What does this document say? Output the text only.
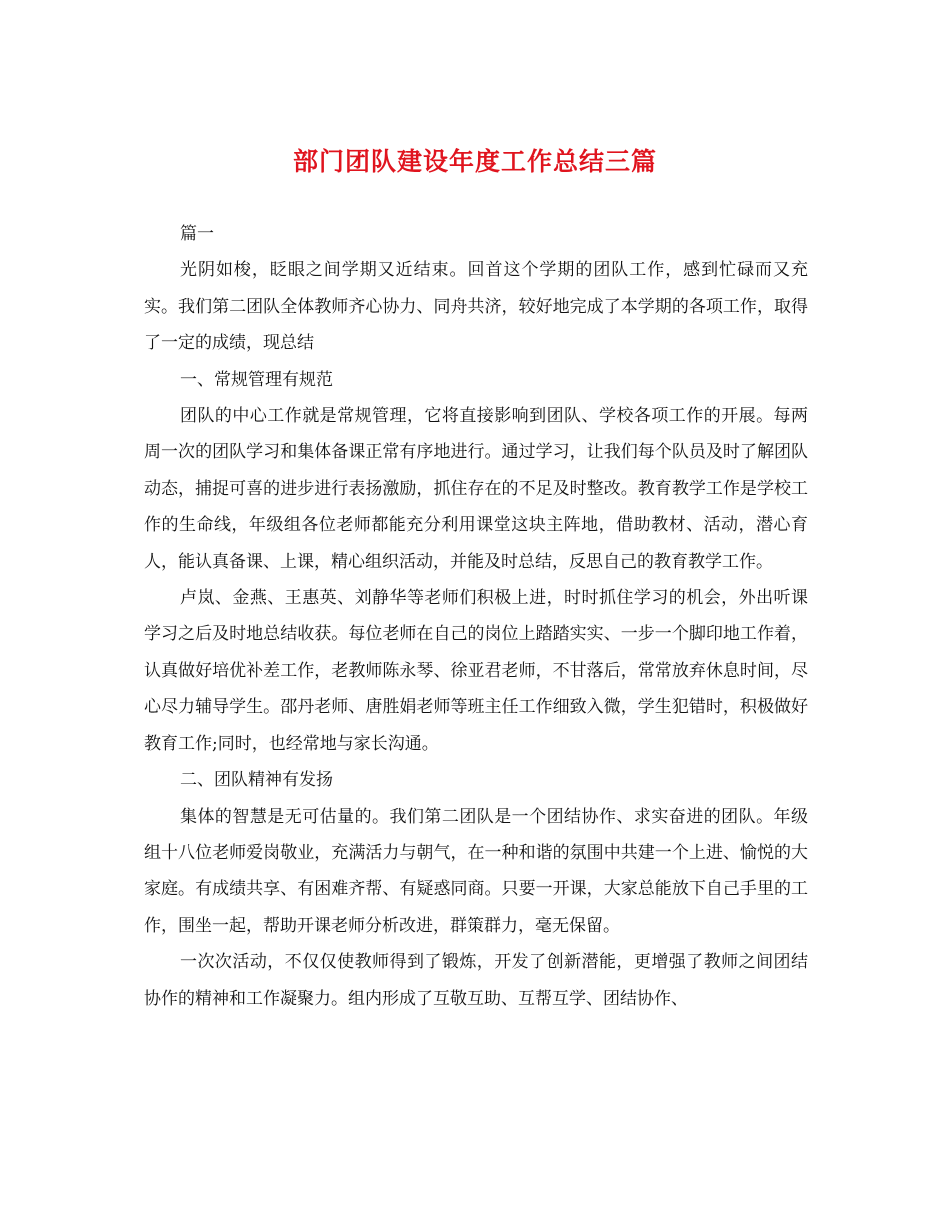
部门团队建设年度工作总结三篇

篇一

光阴如梭，眨眼之间学期又近结束。回首这个学期的团队工作，感到忙碌而又充实。我们第二团队全体教师齐心协力、同舟共济，较好地完成了本学期的各项工作，取得了一定的成绩，现总结

一、常规管理有规范

团队的中心工作就是常规管理，它将直接影响到团队、学校各项工作的开展。每两周一次的团队学习和集体备课正常有序地进行。通过学习，让我们每个队员及时了解团队动态，捕捉可喜的进步进行表扬激励，抓住存在的不足及时整改。教育教学工作是学校工作的生命线，年级组各位老师都能充分利用课堂这块主阵地，借助教材、活动，潜心育人，能认真备课、上课，精心组织活动，并能及时总结，反思自己的教育教学工作。

卢岚、金燕、王惠英、刘静华等老师们积极上进，时时抓住学习的机会，外出听课学习之后及时地总结收获。每位老师在自己的岗位上踏踏实实、一步一个脚印地工作着，认真做好培优补差工作，老教师陈永琴、徐亚君老师，不甘落后，常常放弃休息时间，尽心尽力辅导学生。邵丹老师、唐胜娟老师等班主任工作细致入微，学生犯错时，积极做好教育工作;同时，也经常地与家长沟通。

二、团队精神有发扬

集体的智慧是无可估量的。我们第二团队是一个团结协作、求实奋进的团队。年级组十八位老师爱岗敬业，充满活力与朝气，在一种和谐的氛围中共建一个上进、愉悦的大家庭。有成绩共享、有困难齐帮、有疑惑同商。只要一开课，大家总能放下自己手里的工作，围坐一起，帮助开课老师分析改进，群策群力，毫无保留。

一次次活动，不仅仅使教师得到了锻炼，开发了创新潜能，更增强了教师之间团结协作的精神和工作凝聚力。组内形成了互敬互助、互帮互学、团结协作、
